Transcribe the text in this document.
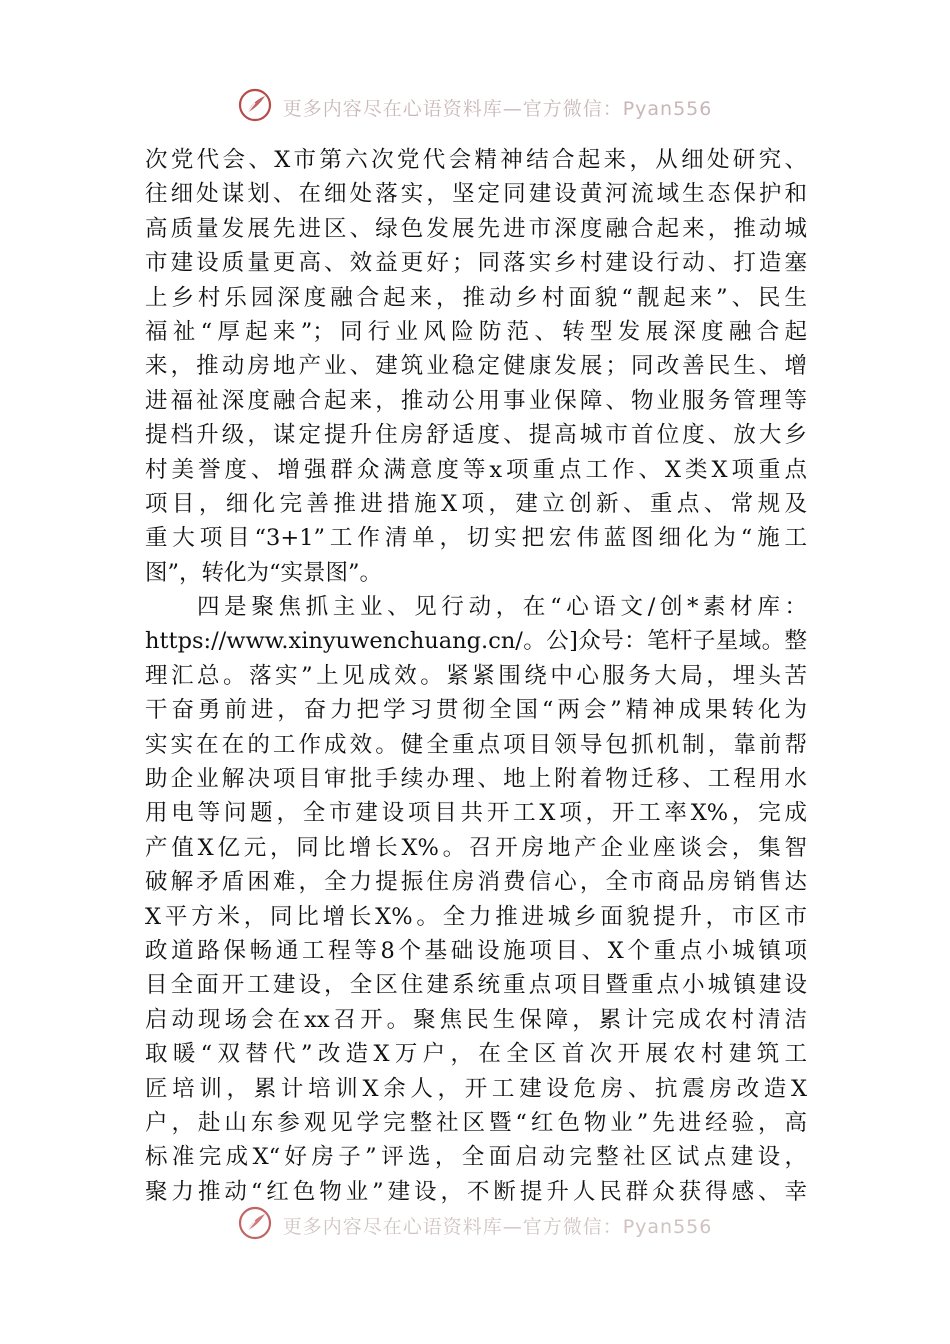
更多内容尽在心语资料库—官方微信：Pyan556
次党代会、X市第六次党代会精神结合起来，从细处研究、
往细处谋划、在细处落实，坚定同建设黄河流域生态保护和
高质量发展先进区、绿色发展先进市深度融合起来，推动城
市建设质量更高、效益更好；同落实乡村建设行动、打造塞
上乡村乐园深度融合起来，推动乡村面貌“靓起来”、民生
福祉“厚起来”；同行业风险防范、转型发展深度融合起
来，推动房地产业、建筑业稳定健康发展；同改善民生、增
进福祉深度融合起来，推动公用事业保障、物业服务管理等
提档升级，谋定提升住房舒适度、提高城市首位度、放大乡
村美誉度、增强群众满意度等x项重点工作、X类X项重点
项目，细化完善推进措施X项，建立创新、重点、常规及
重大项目“3+1”工作清单，切实把宏伟蓝图细化为“施工
图”，转化为“实景图”。
四是聚焦抓主业、见行动，在“心语文/创*素材库：
https://www.xinyuwenchuang.cn/。公]众号：笔杆子星域。整
理汇总。落实”上见成效。紧紧围绕中心服务大局，埋头苦
干奋勇前进，奋力把学习贯彻全国“两会”精神成果转化为
实实在在的工作成效。健全重点项目领导包抓机制，靠前帮
助企业解决项目审批手续办理、地上附着物迁移、工程用水
用电等问题，全市建设项目共开工X项，开工率X%，完成
产值X亿元，同比增长X%。召开房地产企业座谈会，集智
破解矛盾困难，全力提振住房消费信心，全市商品房销售达
X平方米，同比增长X%。全力推进城乡面貌提升，市区市
政道路保畅通工程等8个基础设施项目、X个重点小城镇项
目全面开工建设，全区住建系统重点项目暨重点小城镇建设
启动现场会在xx召开。聚焦民生保障，累计完成农村清洁
取暖“双替代”改造X万户，在全区首次开展农村建筑工
匠培训，累计培训X余人，开工建设危房、抗震房改造X
户，赴山东参观见学完整社区暨“红色物业”先进经验，高
标准完成X“好房子”评选，全面启动完整社区试点建设，
聚力推动“红色物业”建设，不断提升人民群众获得感、幸
更多内容尽在心语资料库—官方微信：Pyan556
